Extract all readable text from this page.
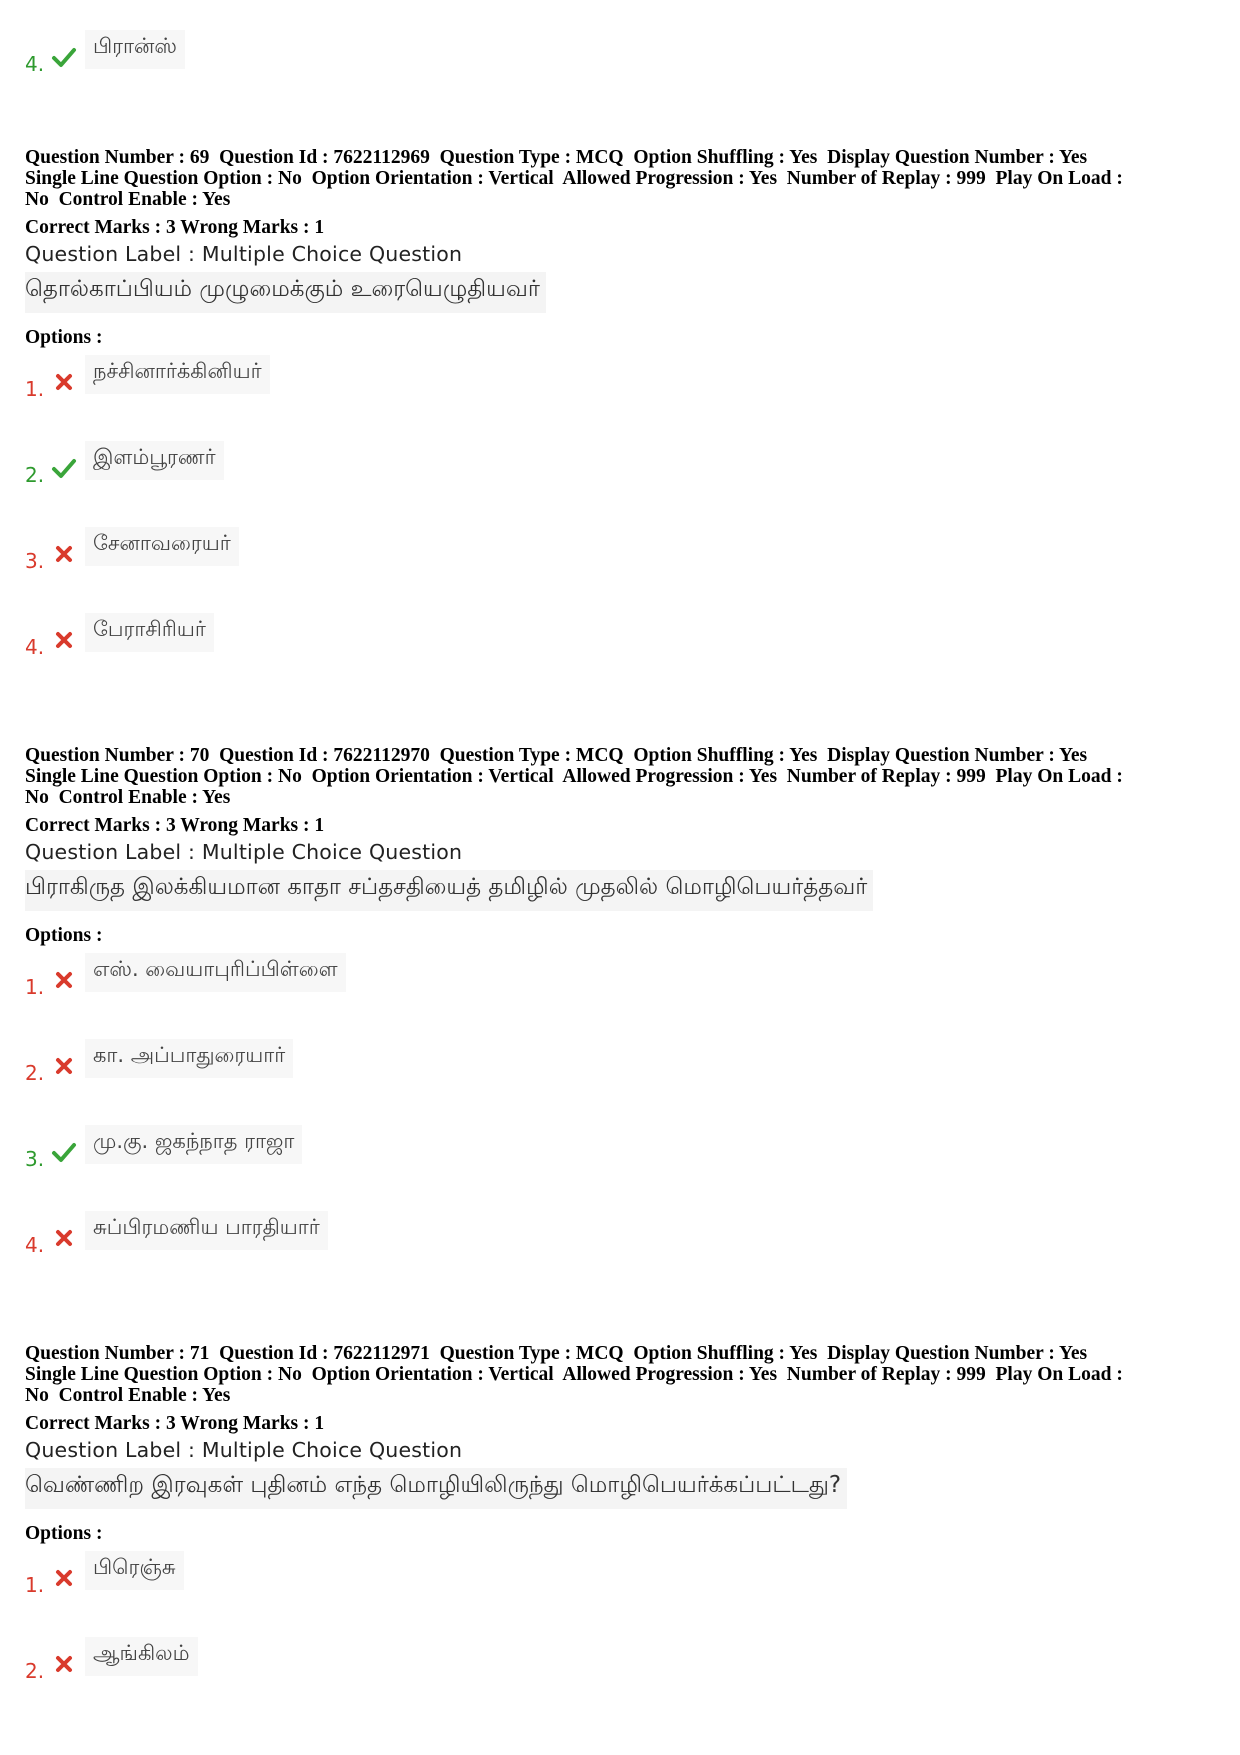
4.
பிரான்ஸ்
Question Number : 69  Question Id : 7622112969  Question Type : MCQ  Option Shuffling : Yes  Display Question Number : Yes
Single Line Question Option : No  Option Orientation : Vertical  Allowed Progression : Yes  Number of Replay : 999  Play On Load :
No  Control Enable : Yes
Correct Marks : 3 Wrong Marks : 1
Question Label : Multiple Choice Question
தொல்காப்பியம் முழுமைக்கும் உரையெழுதியவர்
Options :
1.
நச்சினார்க்கினியர்
2.
இளம்பூரணர்
3.
சேனாவரையர்
4.
பேராசிரியர்
Question Number : 70  Question Id : 7622112970  Question Type : MCQ  Option Shuffling : Yes  Display Question Number : Yes
Single Line Question Option : No  Option Orientation : Vertical  Allowed Progression : Yes  Number of Replay : 999  Play On Load :
No  Control Enable : Yes
Correct Marks : 3 Wrong Marks : 1
Question Label : Multiple Choice Question
பிராகிருத இலக்கியமான காதா சப்தசதியைத் தமிழில் முதலில் மொழிபெயர்த்தவர்
Options :
1.
எஸ். வையாபுரிப்பிள்ளை
2.
கா. அப்பாதுரையார்
3.
மு.கு. ஜகந்நாத ராஜா
4.
சுப்பிரமணிய பாரதியார்
Question Number : 71  Question Id : 7622112971  Question Type : MCQ  Option Shuffling : Yes  Display Question Number : Yes
Single Line Question Option : No  Option Orientation : Vertical  Allowed Progression : Yes  Number of Replay : 999  Play On Load :
No  Control Enable : Yes
Correct Marks : 3 Wrong Marks : 1
Question Label : Multiple Choice Question
வெண்ணிற இரவுகள் புதினம் எந்த மொழியிலிருந்து மொழிபெயர்க்கப்பட்டது?
Options :
1.
பிரெஞ்சு
2.
ஆங்கிலம்
